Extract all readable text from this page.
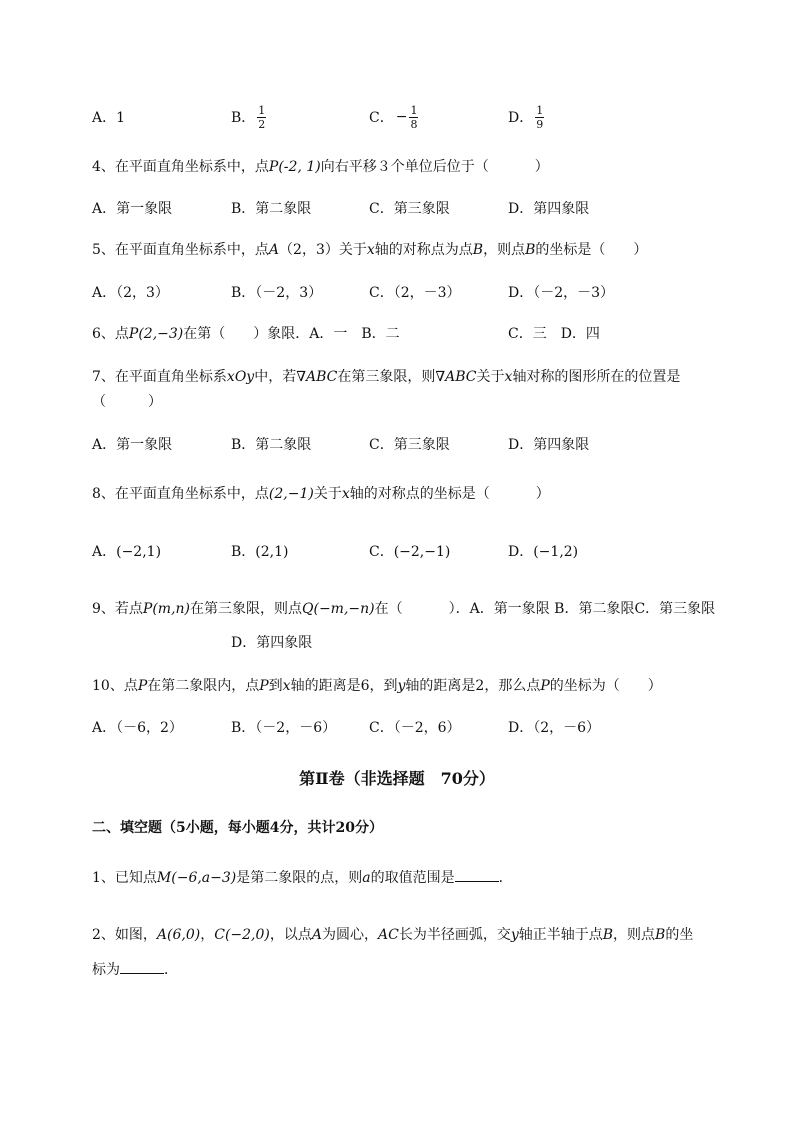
A．1	B． $\frac{1}{2}$	C． − $\frac{1}{8}$	D． $\frac{1}{9}$
4、在平面直角坐标系中，点P(-2, 1)向右平移３个单位后位于（	）
A．第一象限	B．第二象限	C．第三象限	D．第四象限
5、在平面直角坐标系中，点A（2，3）关于x轴的对称点为点B，则点B的坐标是（　　）
A．（2，3）	B．（－2，3）	C．（2，－3）	D．（－2，－3）
6、点P(2,−3)在第（　　）象限．A．一　B．二	C．三　D．四
7、在平面直角坐标系xOy中，若∇ABC在第三象限，则∇ABC关于x轴对称的图形所在的位置是
（　　　）
A．第一象限	B．第二象限	C．第三象限	D．第四象限
8、在平面直角坐标系中，点(2,−1)关于x轴的对称点的坐标是（	）
A．(−2,1)	B．(2,1)	C．(−2,−1)	D．(−1,2)
9、若点P(m,n)在第三象限，则点Q(−m,−n)在（	）．A．第一象限 B．第二象限C．第三象限
D．第四象限
10、点P在第二象限内，点P到x轴的距离是6，到y轴的距离是2，那么点P的坐标为（　　）
A．（－6，2）	B．（－2，－6） C．（－2，6）	D．（2，－6）
第Ⅱ卷（非选择题　70分）
二、填空题（5小题，每小题4分，共计20分）
1、已知点M(−6,a−3)是第二象限的点，则a的取值范围是	．
2、如图，A(6,0)，C(−2,0)，以点A为圆心，AC长为半径画弧，交y轴正半轴于点B，则点B的坐
标为	．
